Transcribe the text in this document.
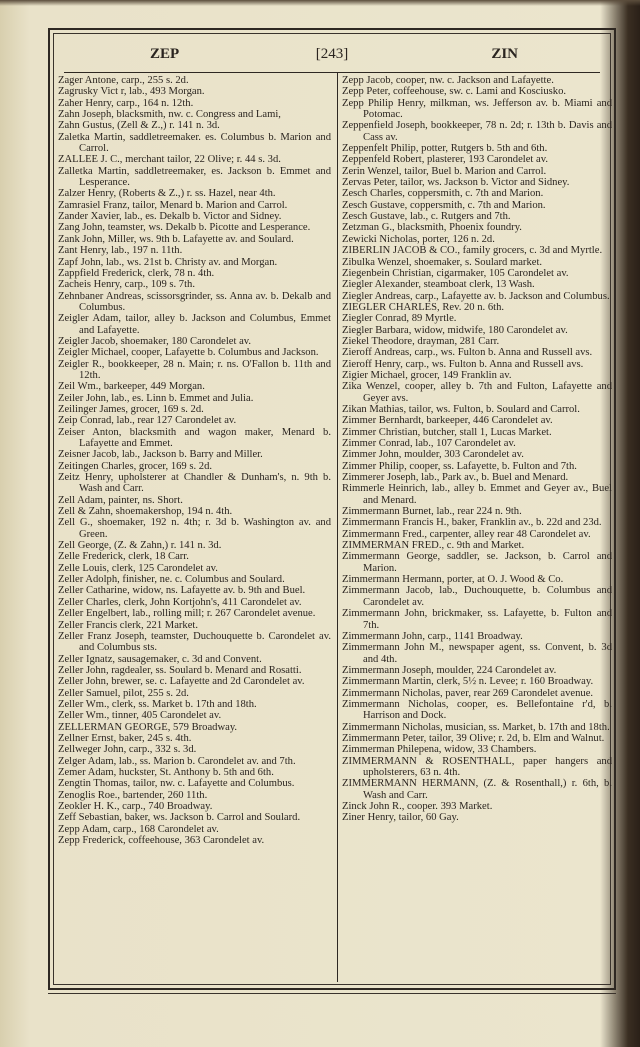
ZEP	[243]	ZIN
Zager Antone, carp., 255 s. 2d.
Zagrusky Vict r, lab., 493 Morgan.
Zaher Henry, carp., 164 n. 12th.
Zahn Joseph, blacksmith, nw. c. Congress and Lami,
Zahn Gustus, (Zell & Z.,) r. 141 n. 3d.
Zaletka Martin, saddletreemaker. es. Columbus b. Marion and Carrol.
ZALLEE J. C., merchant tailor, 22 Olive; r. 44 s. 3d.
Zalletka Martin, saddletreemaker, es. Jackson b. Emmet and Lesperance.
Zalzer Henry, (Roberts & Z.,) r. ss. Hazel, near 4th.
Zamrasiel Franz, tailor, Menard b. Marion and Carrol.
Zander Xavier, lab., es. Dekalb b. Victor and Sidney.
Zang John, teamster, ws. Dekalb b. Picotte and Lesperance.
Zank John, Miller, ws. 9th b. Lafayette av. and Soulard.
Zant Henry, lab., 197 n. 11th.
Zapf John, lab., ws. 21st b. Christy av. and Morgan.
Zappfield Frederick, clerk, 78 n. 4th.
Zacheis Henry, carp., 109 s. 7th.
Zehnbaner Andreas, scissorsgrinder, ss. Anna av. b. Dekalb and Columbus.
Zeigler Adam, tailor, alley b. Jackson and Columbus, Emmet and Lafayette.
Zeigler Jacob, shoemaker, 180 Carondelet av.
Zeigler Michael, cooper, Lafayette b. Columbus and Jackson.
Zeigler R., bookkeeper, 28 n. Main; r. ns. O'Fallon b. 11th and 12th.
Zeil Wm., barkeeper, 449 Morgan.
Zeiler John, lab., es. Linn b. Emmet and Julia.
Zeilinger James, grocer, 169 s. 2d.
Zeip Conrad, lab., rear 127 Carondelet av.
Zeiser Anton, blacksmith and wagon maker, Menard b. Lafayette and Emmet.
Zeisner Jacob, lab., Jackson b. Barry and Miller.
Zeitingen Charles, grocer, 169 s. 2d.
Zeitz Henry, upholsterer at Chandler & Dunham's, n. 9th b. Wash and Carr.
Zell Adam, painter, ns. Short.
Zell & Zahn, shoemakershop, 194 n. 4th.
Zell G., shoemaker, 192 n. 4th; r. 3d b. Washington av. and Green.
Zell George, (Z. & Zahn,) r. 141 n. 3d.
Zelle Frederick, clerk, 18 Carr.
Zelle Louis, clerk, 125 Carondelet av.
Zeller Adolph, finisher, ne. c. Columbus and Soulard.
Zeller Catharine, widow, ns. Lafayette av. b. 9th and Buel.
Zeller Charles, clerk, John Kortjohn's, 411 Carondelet av.
Zeller Engelbert, lab., rolling mill; r. 267 Carondelet avenue.
Zeller Francis clerk, 221 Market.
Zeller Franz Joseph, teamster, Duchouquette b. Carondelet av. and Columbus sts.
Zeller Ignatz, sausagemaker, c. 3d and Convent.
Zeller John, ragdealer, ss. Soulard b. Menard and Rosatti.
Zeller John, brewer, se. c. Lafayette and 2d Carondelet av.
Zeller Samuel, pilot, 255 s. 2d.
Zeller Wm., clerk, ss. Market b. 17th and 18th.
Zeller Wm., tinner, 405 Carondelet av.
ZELLERMAN GEORGE, 579 Broadway.
Zellner Ernst, baker, 245 s. 4th.
Zellweger John, carp., 332 s. 3d.
Zelger Adam, lab., ss. Marion b. Carondelet av. and 7th.
Zemer Adam, huckster, St. Anthony b. 5th and 6th.
Zengtin Thomas, tailor, nw. c. Lafayette and Columbus.
Zenoglis Roe., bartender, 260 11th.
Zeokler H. K., carp., 740 Broadway.
Zeff Sebastian, baker, ws. Jackson b. Carrol and Soulard.
Zepp Adam, carp., 168 Carondelet av.
Zepp Frederick, coffeehouse, 363 Carondelet av.
Zepp Jacob, cooper, nw. c. Jackson and Lafayette.
Zepp Peter, coffeehouse, sw. c. Lami and Kosciusko.
Zepp Philip Henry, milkman, ws. Jefferson av. b. Miami and Potomac.
Zeppenfield Joseph, bookkeeper, 78 n. 2d; r. 13th b. Davis and Cass av.
Zeppenfelt Philip, potter, Rutgers b. 5th and 6th.
Zeppenfeld Robert, plasterer, 193 Carondelet av.
Zerin Wenzel, tailor, Buel b. Marion and Carrol.
Zervas Peter, tailor, ws. Jackson b. Victor and Sidney.
Zesch Charles, coppersmith, c. 7th and Marion.
Zesch Gustave, coppersmith, c. 7th and Marion.
Zesch Gustave, lab., c. Rutgers and 7th.
Zetzman G., blacksmith, Phoenix foundry.
Zewicki Nicholas, porter, 126 n. 2d.
ZIBERLIN JACOB & CO., family grocers, c. 3d and Myrtle.
Zibulka Wenzel, shoemaker, s. Soulard market.
Ziegenbein Christian, cigarmaker, 105 Carondelet av.
Ziegler Alexander, steamboat clerk, 13 Wash.
Ziegler Andreas, carp., Lafayette av. b. Jackson and Columbus.
ZIEGLER CHARLES, Rev. 20 n. 6th.
Ziegler Conrad, 89 Myrtle.
Ziegler Barbara, widow, midwife, 180 Carondelet av.
Ziekel Theodore, drayman, 281 Carr.
Zieroff Andreas, carp., ws. Fulton b. Anna and Russell avs.
Zieroff Henry, carp., ws. Fulton b. Anna and Russell avs.
Zigier Michael, grocer, 149 Franklin av.
Zika Wenzel, cooper, alley b. 7th and Fulton, Lafayette and Geyer avs.
Zikan Mathias, tailor, ws. Fulton, b. Soulard and Carrol.
Zimmer Bernhardt, barkeeper, 446 Carondelet av.
Zimmer Christian, butcher, stall 1, Lucas Market.
Zimmer Conrad, lab., 107 Carondelet av.
Zimmer John, moulder, 303 Carondelet av.
Zimmer Philip, cooper, ss. Lafayette, b. Fulton and 7th.
Zimmerer Joseph, lab., Park av., b. Buel and Menard.
Rimmerle Heinrich, lab., alley b. Emmet and Geyer av., Buel and Menard.
Zimmermann Burnet, lab., rear 224 n. 9th.
Zimmermann Francis H., baker, Franklin av., b. 22d and 23d.
Zimmermann Fred., carpenter, alley rear 48 Carondelet av.
ZIMMERMAN FRED., c. 9th and Market.
Zimmermann George, saddler, se. Jackson, b. Carrol and Marion.
Zimmermann Hermann, porter, at O. J. Wood & Co.
Zimmermann Jacob, lab., Duchouquette, b. Columbus and Carondelet av.
Zimmermann John, brickmaker, ss. Lafayette, b. Fulton and 7th.
Zimmermann John, carp., 1141 Broadway.
Zimmermann John M., newspaper agent, ss. Convent, b. 3d and 4th.
Zimmermann Joseph, moulder, 224 Carondelet av.
Zimmermann Martin, clerk, 5½ n. Levee; r. 160 Broadway.
Zimmermann Nicholas, paver, rear 269 Carondelet avenue.
Zimmermann Nicholas, cooper, es. Bellefontaine r'd, b. Harrison and Dock.
Zimmermann Nicholas, musician, ss. Market, b. 17th and 18th.
Zimmermann Peter, tailor, 39 Olive; r. 2d, b. Elm and Walnut.
Zimmerman Philepena, widow, 33 Chambers.
ZIMMERMANN & ROSENTHALL, paper hangers and upholsterers, 63 n. 4th.
ZIMMERMANN HERMANN, (Z. & Rosenthall,) r. 6th, b. Wash and Carr.
Zinck John R., cooper. 393 Market.
Ziner Henry, tailor, 60 Gay.
